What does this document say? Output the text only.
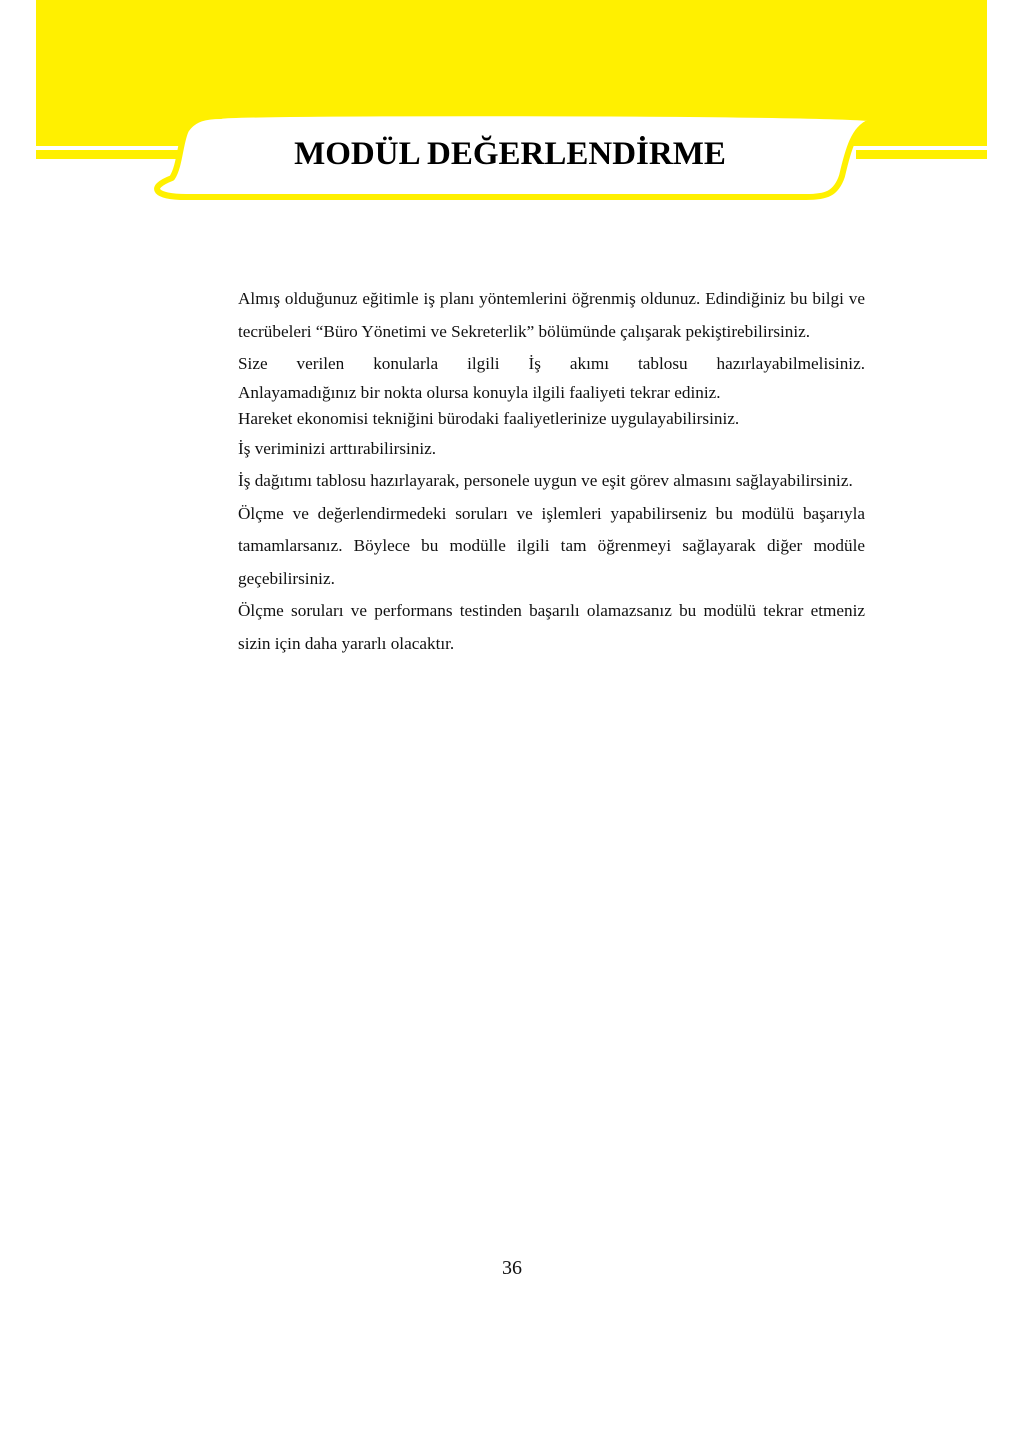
MODÜL DEĞERLENDİRME

Almış olduğunuz eğitimle iş planı yöntemlerini öğrenmiş oldunuz. Edindiğiniz bu bilgi ve tecrübeleri “Büro Yönetimi ve Sekreterlik” bölümünde çalışarak pekiştirebilirsiniz.

Size verilen konularla ilgili İş akımı tablosu hazırlayabilmelisiniz.

Anlayamadığınız bir nokta olursa konuyla ilgili faaliyeti tekrar ediniz.

Hareket ekonomisi tekniğini bürodaki faaliyetlerinize uygulayabilirsiniz.

İş veriminizi arttırabilirsiniz.

İş dağıtımı tablosu hazırlayarak, personele uygun ve eşit görev almasını sağlayabilirsiniz.

Ölçme ve değerlendirmedeki soruları ve işlemleri yapabilirseniz bu modülü başarıyla tamamlarsanız. Böylece bu modülle ilgili tam öğrenmeyi sağlayarak diğer modüle geçebilirsiniz.

Ölçme soruları ve performans testinden başarılı olamazsanız bu modülü tekrar etmeniz sizin için daha yararlı olacaktır.

36
